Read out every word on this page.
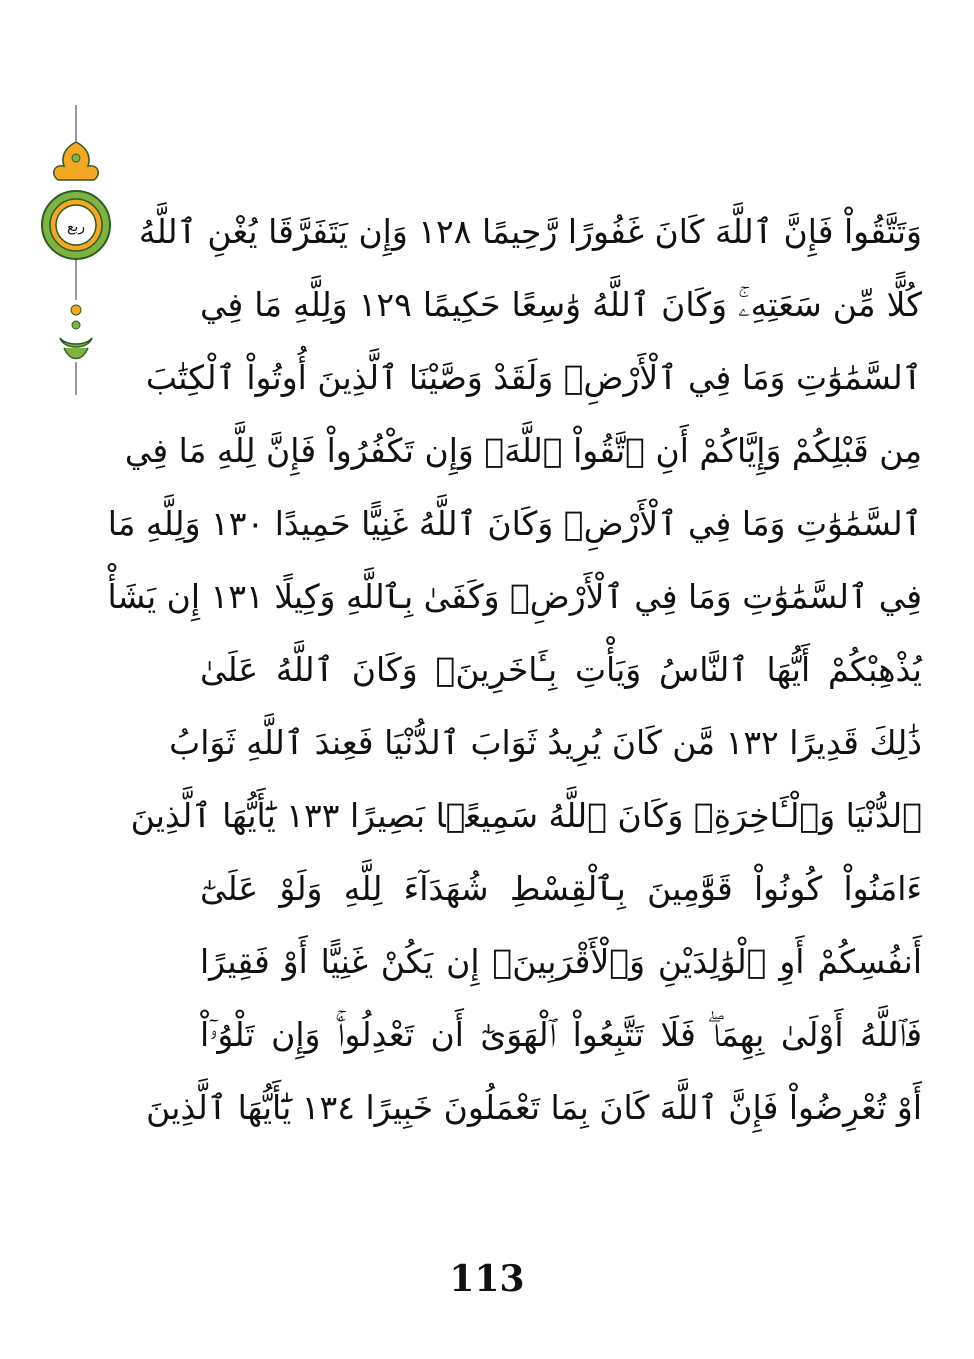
ربع وَتَتَّقُواْ فَإِنَّ ٱللَّهَ كَانَ غَفُورًا رَّحِيمًا ١٢٨ وَإِن يَتَفَرَّقَا يُغْنِ ٱللَّهُ
كُلًّا مِّن سَعَتِهِۦۚ وَكَانَ ٱللَّهُ وَٰسِعًا حَكِيمًا ١٢٩ وَلِلَّهِ مَا فِي
ٱلسَّمَٰوَٰتِ وَمَا فِي ٱلْأَرْضِۗ وَلَقَدْ وَصَّيْنَا ٱلَّذِينَ أُوتُواْ ٱلْكِتَٰبَ
مِن قَبْلِكُمْ وَإِيَّاكُمْ أَنِ ٱتَّقُواْ ٱللَّهَۚ وَإِن تَكْفُرُواْ فَإِنَّ لِلَّهِ مَا فِي
ٱلسَّمَٰوَٰتِ وَمَا فِي ٱلْأَرْضِۚ وَكَانَ ٱللَّهُ غَنِيًّا حَمِيدًا ١٣٠ وَلِلَّهِ مَا
فِي ٱلسَّمَٰوَٰتِ وَمَا فِي ٱلْأَرْضِۚ وَكَفَىٰ بِٱللَّهِ وَكِيلًا ١٣١ إِن يَشَأْ
يُذْهِبْكُمْ أَيُّهَا ٱلنَّاسُ وَيَأْتِ بِـَٔاخَرِينَۚ وَكَانَ ٱللَّهُ عَلَىٰ
ذَٰلِكَ قَدِيرًا ١٣٢ مَّن كَانَ يُرِيدُ ثَوَابَ ٱلدُّنْيَا فَعِندَ ٱللَّهِ ثَوَابُ
ٱلدُّنْيَا وَٱلْـَٔاخِرَةِۚ وَكَانَ ٱللَّهُ سَمِيعًۢا بَصِيرًا ١٣٣ يَٰٓأَيُّهَا ٱلَّذِينَ
ءَامَنُواْ كُونُواْ قَوَّٰمِينَ بِٱلْقِسْطِ شُهَدَآءَ لِلَّهِ وَلَوْ عَلَىٰٓ
أَنفُسِكُمْ أَوِ ٱلْوَٰلِدَيْنِ وَٱلْأَقْرَبِينَۚ إِن يَكُنْ غَنِيًّا أَوْ فَقِيرًا
فَٱللَّهُ أَوْلَىٰ بِهِمَاۖ فَلَا تَتَّبِعُواْ ٱلْهَوَىٰٓ أَن تَعْدِلُواْۚ وَإِن تَلْوُۥٓاْ
أَوْ تُعْرِضُواْ فَإِنَّ ٱللَّهَ كَانَ بِمَا تَعْمَلُونَ خَبِيرًا ١٣٤ يَٰٓأَيُّهَا ٱلَّذِينَ
113
